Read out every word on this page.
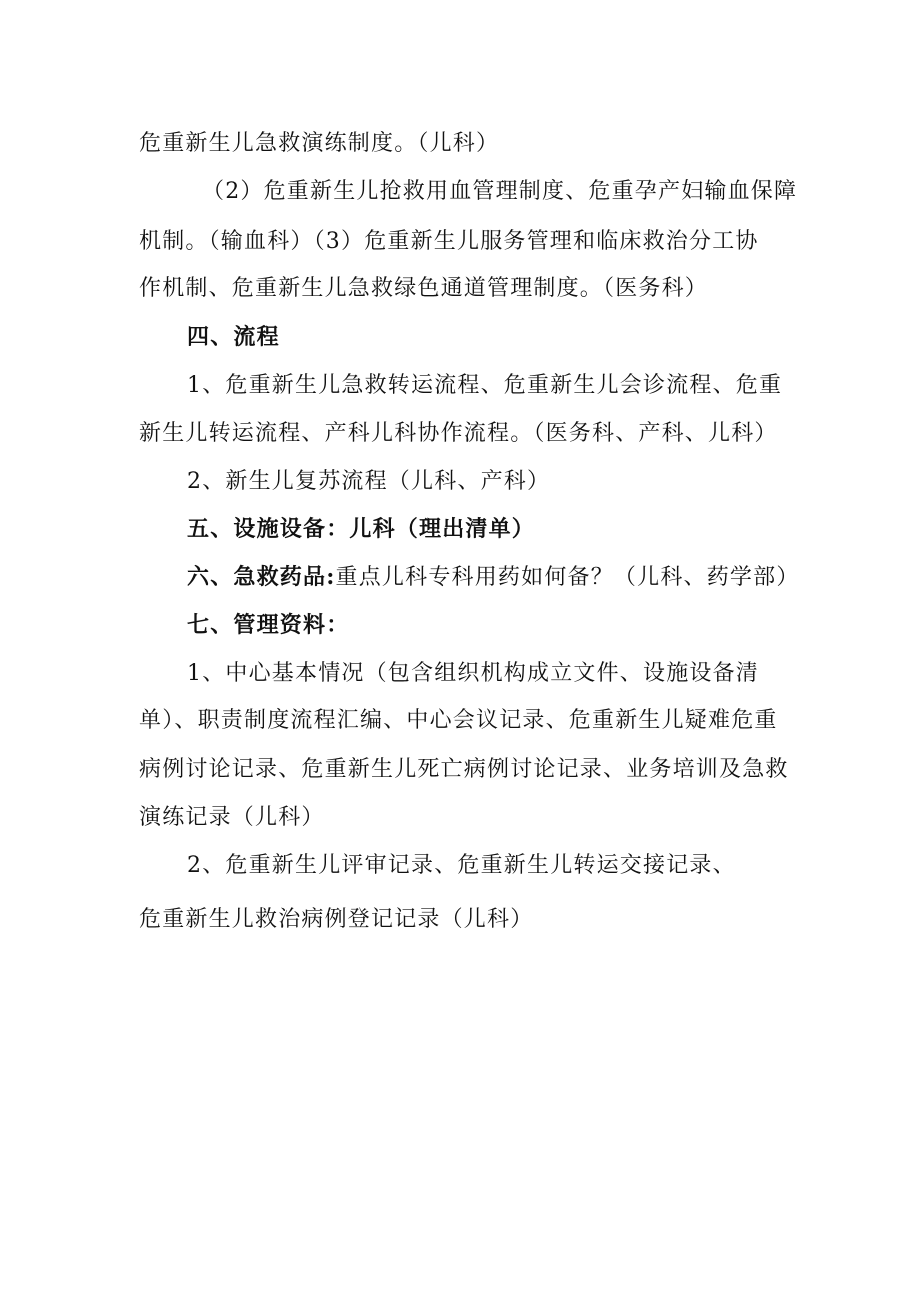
危重新生儿急救演练制度。（儿科）
（2）危重新生儿抢救用血管理制度、危重孕产妇输血保障
机制。（输血科）（3）危重新生儿服务管理和临床救治分工协
作机制、危重新生儿急救绿色通道管理制度。（医务科）
四、流程
1、危重新生儿急救转运流程、危重新生儿会诊流程、危重
新生儿转运流程、产科儿科协作流程。（医务科、产科、儿科）
2、新生儿复苏流程（儿科、产科）
五、设施设备：儿科（理出清单）
六、急救药品:重点儿科专科用药如何备？（儿科、药学部）
七、管理资料：
1、中心基本情况（包含组织机构成立文件、设施设备清
单）、职责制度流程汇编、中心会议记录、危重新生儿疑难危重
病例讨论记录、危重新生儿死亡病例讨论记录、业务培训及急救
演练记录（儿科）
2、危重新生儿评审记录、危重新生儿转运交接记录、
危重新生儿救治病例登记记录（儿科）
